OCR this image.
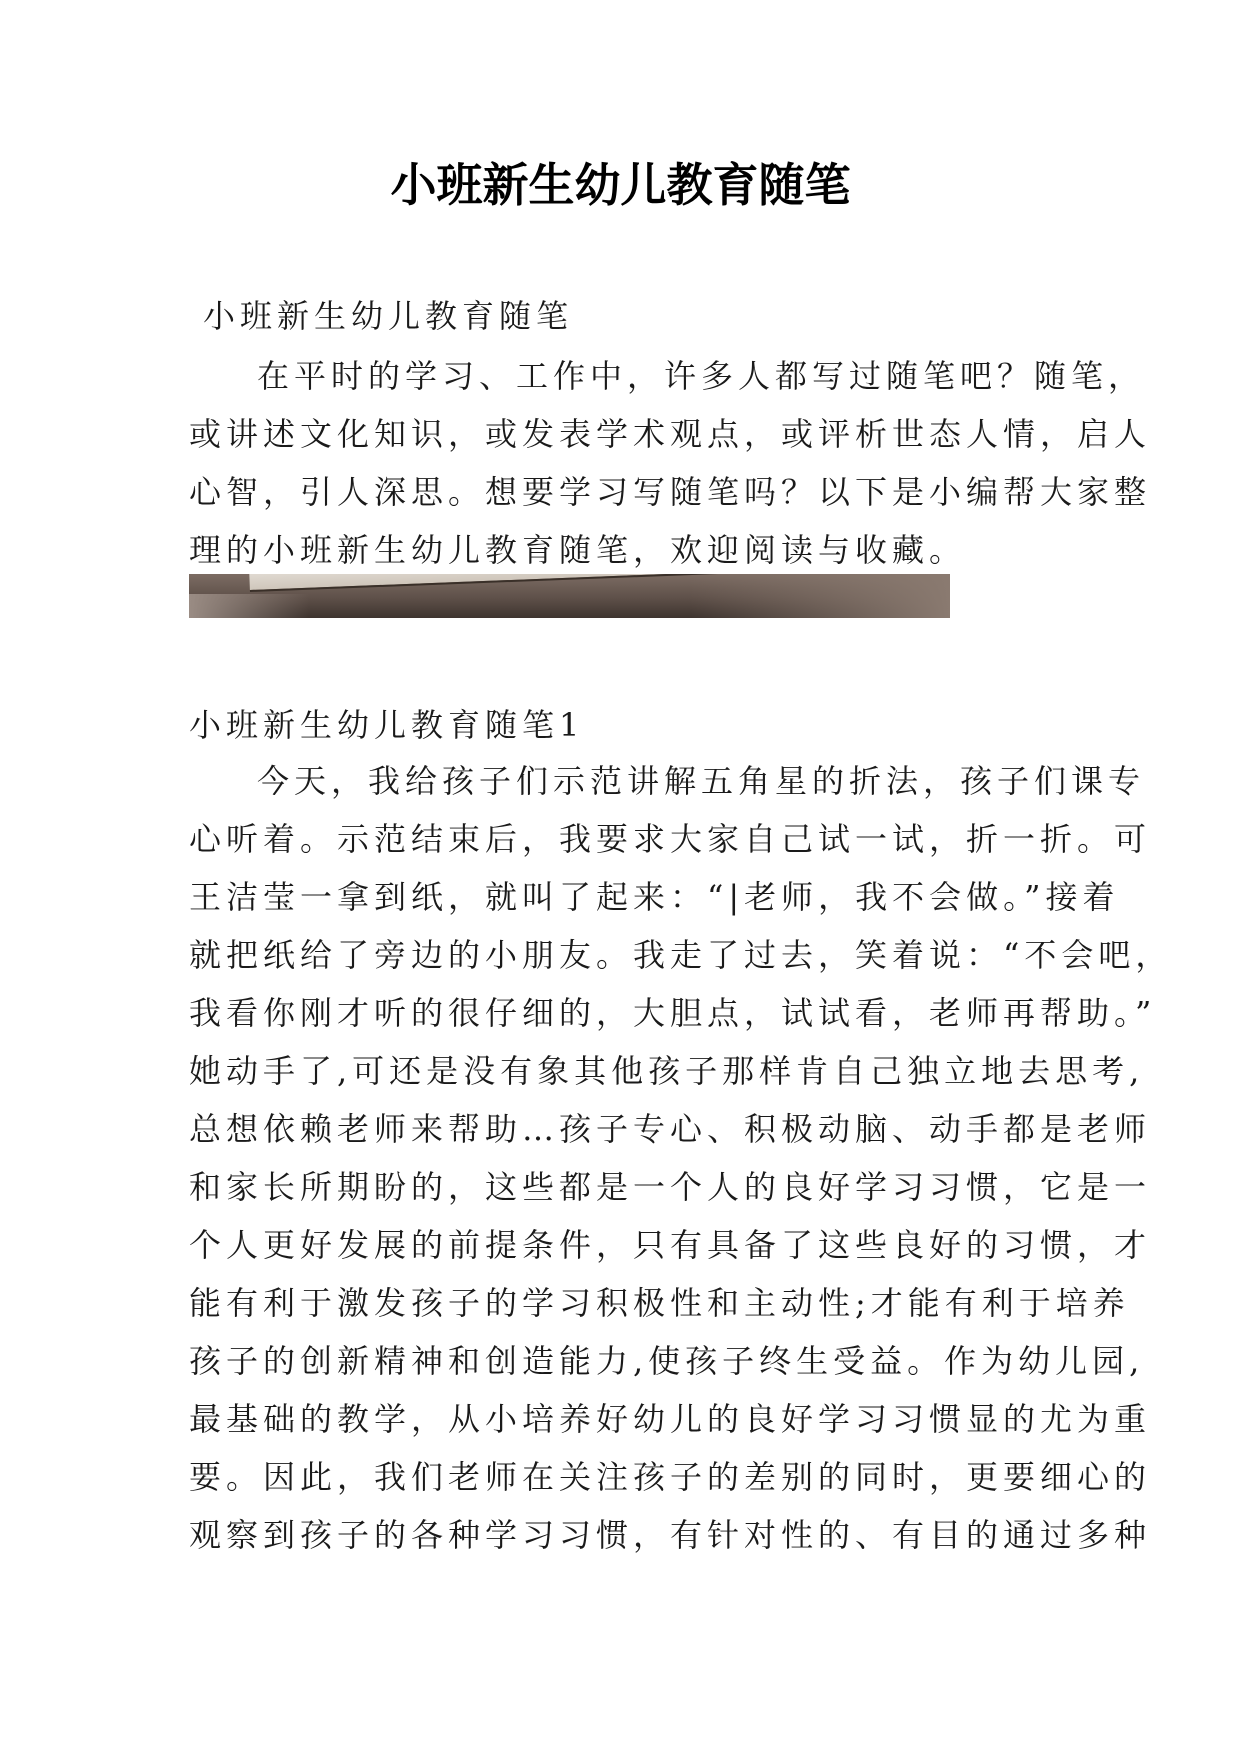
小班新生幼儿教育随笔
小班新生幼儿教育随笔
在平时的学习、工作中，许多人都写过随笔吧？随笔，
或讲述文化知识，或发表学术观点，或评析世态人情，启人
心智，引人深思。想要学习写随笔吗？以下是小编帮大家整
理的小班新生幼儿教育随笔，欢迎阅读与收藏。
小班新生幼儿教育随笔1
今天，我给孩子们示范讲解五角星的折法，孩子们课专
心听着。示范结束后，我要求大家自己试一试，折一折。可
王洁莹一拿到纸，就叫了起来：“|老师，我不会做。”接着
就把纸给了旁边的小朋友。我走了过去，笑着说：“不会吧，
我看你刚才听的很仔细的，大胆点，试试看，老师再帮助。”
她动手了,可还是没有象其他孩子那样肯自己独立地去思考,
总想依赖老师来帮助…孩子专心、积极动脑、动手都是老师
和家长所期盼的，这些都是一个人的良好学习习惯，它是一
个人更好发展的前提条件，只有具备了这些良好的习惯，才
能有利于激发孩子的学习积极性和主动性;才能有利于培养
孩子的创新精神和创造能力,使孩子终生受益。作为幼儿园,
最基础的教学，从小培养好幼儿的良好学习习惯显的尤为重
要。因此，我们老师在关注孩子的差别的同时，更要细心的
观察到孩子的各种学习习惯，有针对性的、有目的通过多种
